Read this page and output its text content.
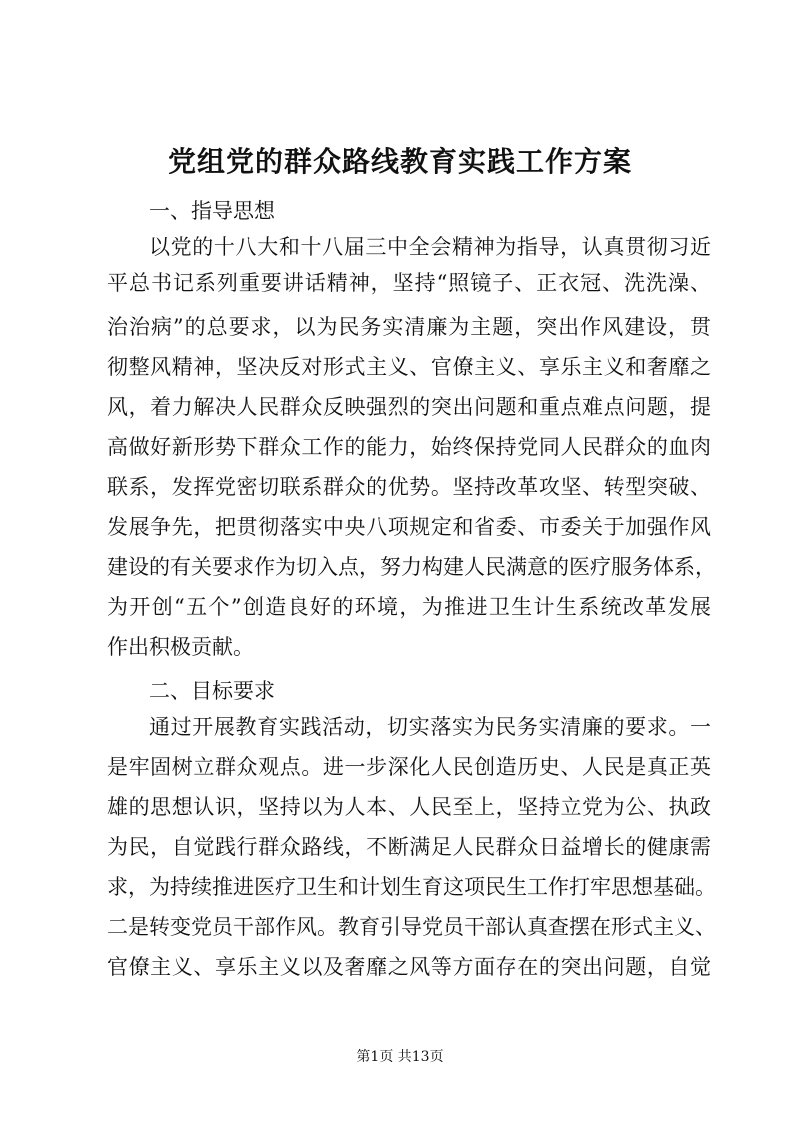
党组党的群众路线教育实践工作方案
一、指导思想
以党的十八大和十八届三中全会精神为指导，认真贯彻习近
平总书记系列重要讲话精神，坚持“照镜子、正衣冠、洗洗澡、
治治病”的总要求，以为民务实清廉为主题，突出作风建设，贯
彻整风精神，坚决反对形式主义、官僚主义、享乐主义和奢靡之
风，着力解决人民群众反映强烈的突出问题和重点难点问题，提
高做好新形势下群众工作的能力，始终保持党同人民群众的血肉
联系，发挥党密切联系群众的优势。坚持改革攻坚、转型突破、
发展争先，把贯彻落实中央八项规定和省委、市委关于加强作风
建设的有关要求作为切入点，努力构建人民满意的医疗服务体系，
为开创“五个”创造良好的环境，为推进卫生计生系统改革发展
作出积极贡献。
二、目标要求
通过开展教育实践活动，切实落实为民务实清廉的要求。一
是牢固树立群众观点。进一步深化人民创造历史、人民是真正英
雄的思想认识，坚持以为人本、人民至上，坚持立党为公、执政
为民，自觉践行群众路线，不断满足人民群众日益增长的健康需
求，为持续推进医疗卫生和计划生育这项民生工作打牢思想基础。
二是转变党员干部作风。教育引导党员干部认真查摆在形式主义、
官僚主义、享乐主义以及奢靡之风等方面存在的突出问题，自觉
第1页 共13页
